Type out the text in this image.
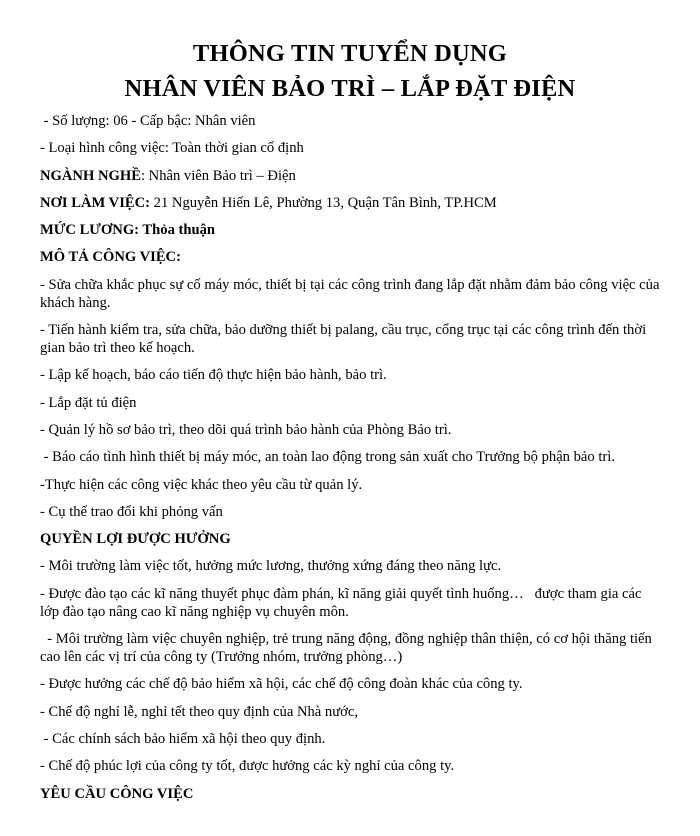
THÔNG TIN TUYỂN DỤNG

NHÂN VIÊN BẢO TRÌ – LẮP ĐẶT ĐIỆN

- Số lượng: 06 - Cấp bậc: Nhân viên

- Loại hình công việc: Toàn thời gian cố định

NGÀNH NGHỀ: Nhân viên Bảo trì – Điện

NƠI LÀM VIỆC: 21 Nguyễn Hiến Lê, Phường 13, Quận Tân Bình, TP.HCM

MỨC LƯƠNG: Thỏa thuận

MÔ TẢ CÔNG VIỆC:

- Sửa chữa khắc phục sự cố máy móc, thiết bị tại các công trình đang lắp đặt nhằm đảm bảo công việc của khách hàng.

- Tiến hành kiểm tra, sửa chữa, bảo dưỡng thiết bị palang, cầu trục, cổng trục tại các công trình đến thời gian bảo trì theo kế hoạch.

- Lập kế hoạch, báo cáo tiến độ thực hiện bảo hành, bảo trì.

- Lắp đặt tủ điện

- Quản lý hồ sơ bảo trì, theo dõi quá trình bảo hành của Phòng Bảo trì.

- Báo cáo tình hình thiết bị máy móc, an toàn lao động trong sản xuất cho Trưởng bộ phận bảo trì.

-Thực hiện các công việc khác theo yêu cầu từ quản lý.

- Cụ thể trao đổi khi phỏng vấn

QUYỀN LỢI ĐƯỢC HƯỞNG

- Môi trường làm việc tốt, hưởng mức lương, thưởng xứng đáng theo năng lực.

- Được đào tạo các kĩ năng thuyết phục đàm phán, kĩ năng giải quyết tình huống…   được tham gia các lớp đào tạo nâng cao kĩ năng nghiệp vụ chuyên môn.

- Môi trường làm việc chuyên nghiệp, trẻ trung năng động, đồng nghiệp thân thiện, có cơ hội thăng tiến cao lên các vị trí của công ty (Trưởng nhóm, trưởng phòng…)

- Được hưởng các chế độ bảo hiểm xã hội, các chế độ công đoàn khác của công ty.

- Chế độ nghỉ lễ, nghỉ tết theo quy định của Nhà nước,

- Các chính sách bảo hiểm xã hội theo quy định.

- Chế độ phúc lợi của công ty tốt, được hưởng các kỳ nghỉ của công ty.

YÊU CẦU CÔNG VIỆC
